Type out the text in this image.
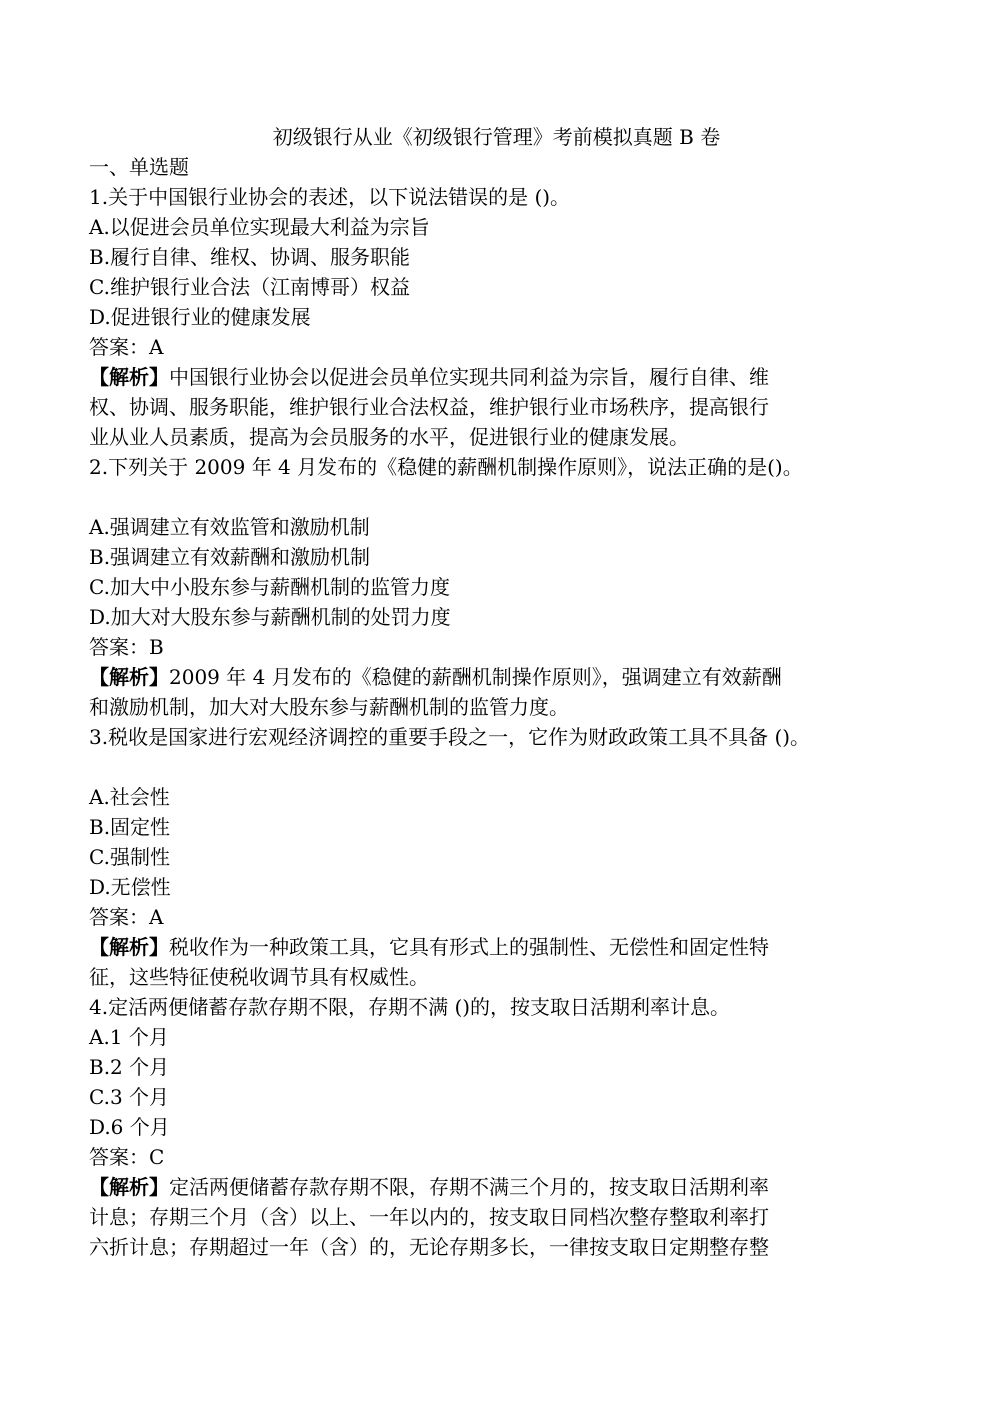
初级银行从业《初级银行管理》考前模拟真题 B 卷
一、单选题
1.关于中国银行业协会的表述，以下说法错误的是 ()。
A.以促进会员单位实现最大利益为宗旨
B.履行自律、维权、协调、服务职能
C.维护银行业合法（江南博哥）权益
D.促进银行业的健康发展
答案：A
【解析】中国银行业协会以促进会员单位实现共同利益为宗旨，履行自律、维
权、协调、服务职能，维护银行业合法权益，维护银行业市场秩序，提高银行
业从业人员素质，提高为会员服务的水平，促进银行业的健康发展。
2.下列关于 2009 年 4 月发布的《稳健的薪酬机制操作原则》，说法正确的是()。
A.强调建立有效监管和激励机制
B.强调建立有效薪酬和激励机制
C.加大中小股东参与薪酬机制的监管力度
D.加大对大股东参与薪酬机制的处罚力度
答案：B
【解析】2009 年 4 月发布的《稳健的薪酬机制操作原则》，强调建立有效薪酬
和激励机制，加大对大股东参与薪酬机制的监管力度。
3.税收是国家进行宏观经济调控的重要手段之一，它作为财政政策工具不具备 ()。
A.社会性
B.固定性
C.强制性
D.无偿性
答案：A
【解析】税收作为一种政策工具，它具有形式上的强制性、无偿性和固定性特
征，这些特征使税收调节具有权威性。
4.定活两便储蓄存款存期不限，存期不满 ()的，按支取日活期利率计息。
A.1 个月
B.2 个月
C.3 个月
D.6 个月
答案：C
【解析】定活两便储蓄存款存期不限，存期不满三个月的，按支取日活期利率
计息；存期三个月（含）以上、一年以内的，按支取日同档次整存整取利率打
六折计息；存期超过一年（含）的，无论存期多长，一律按支取日定期整存整
